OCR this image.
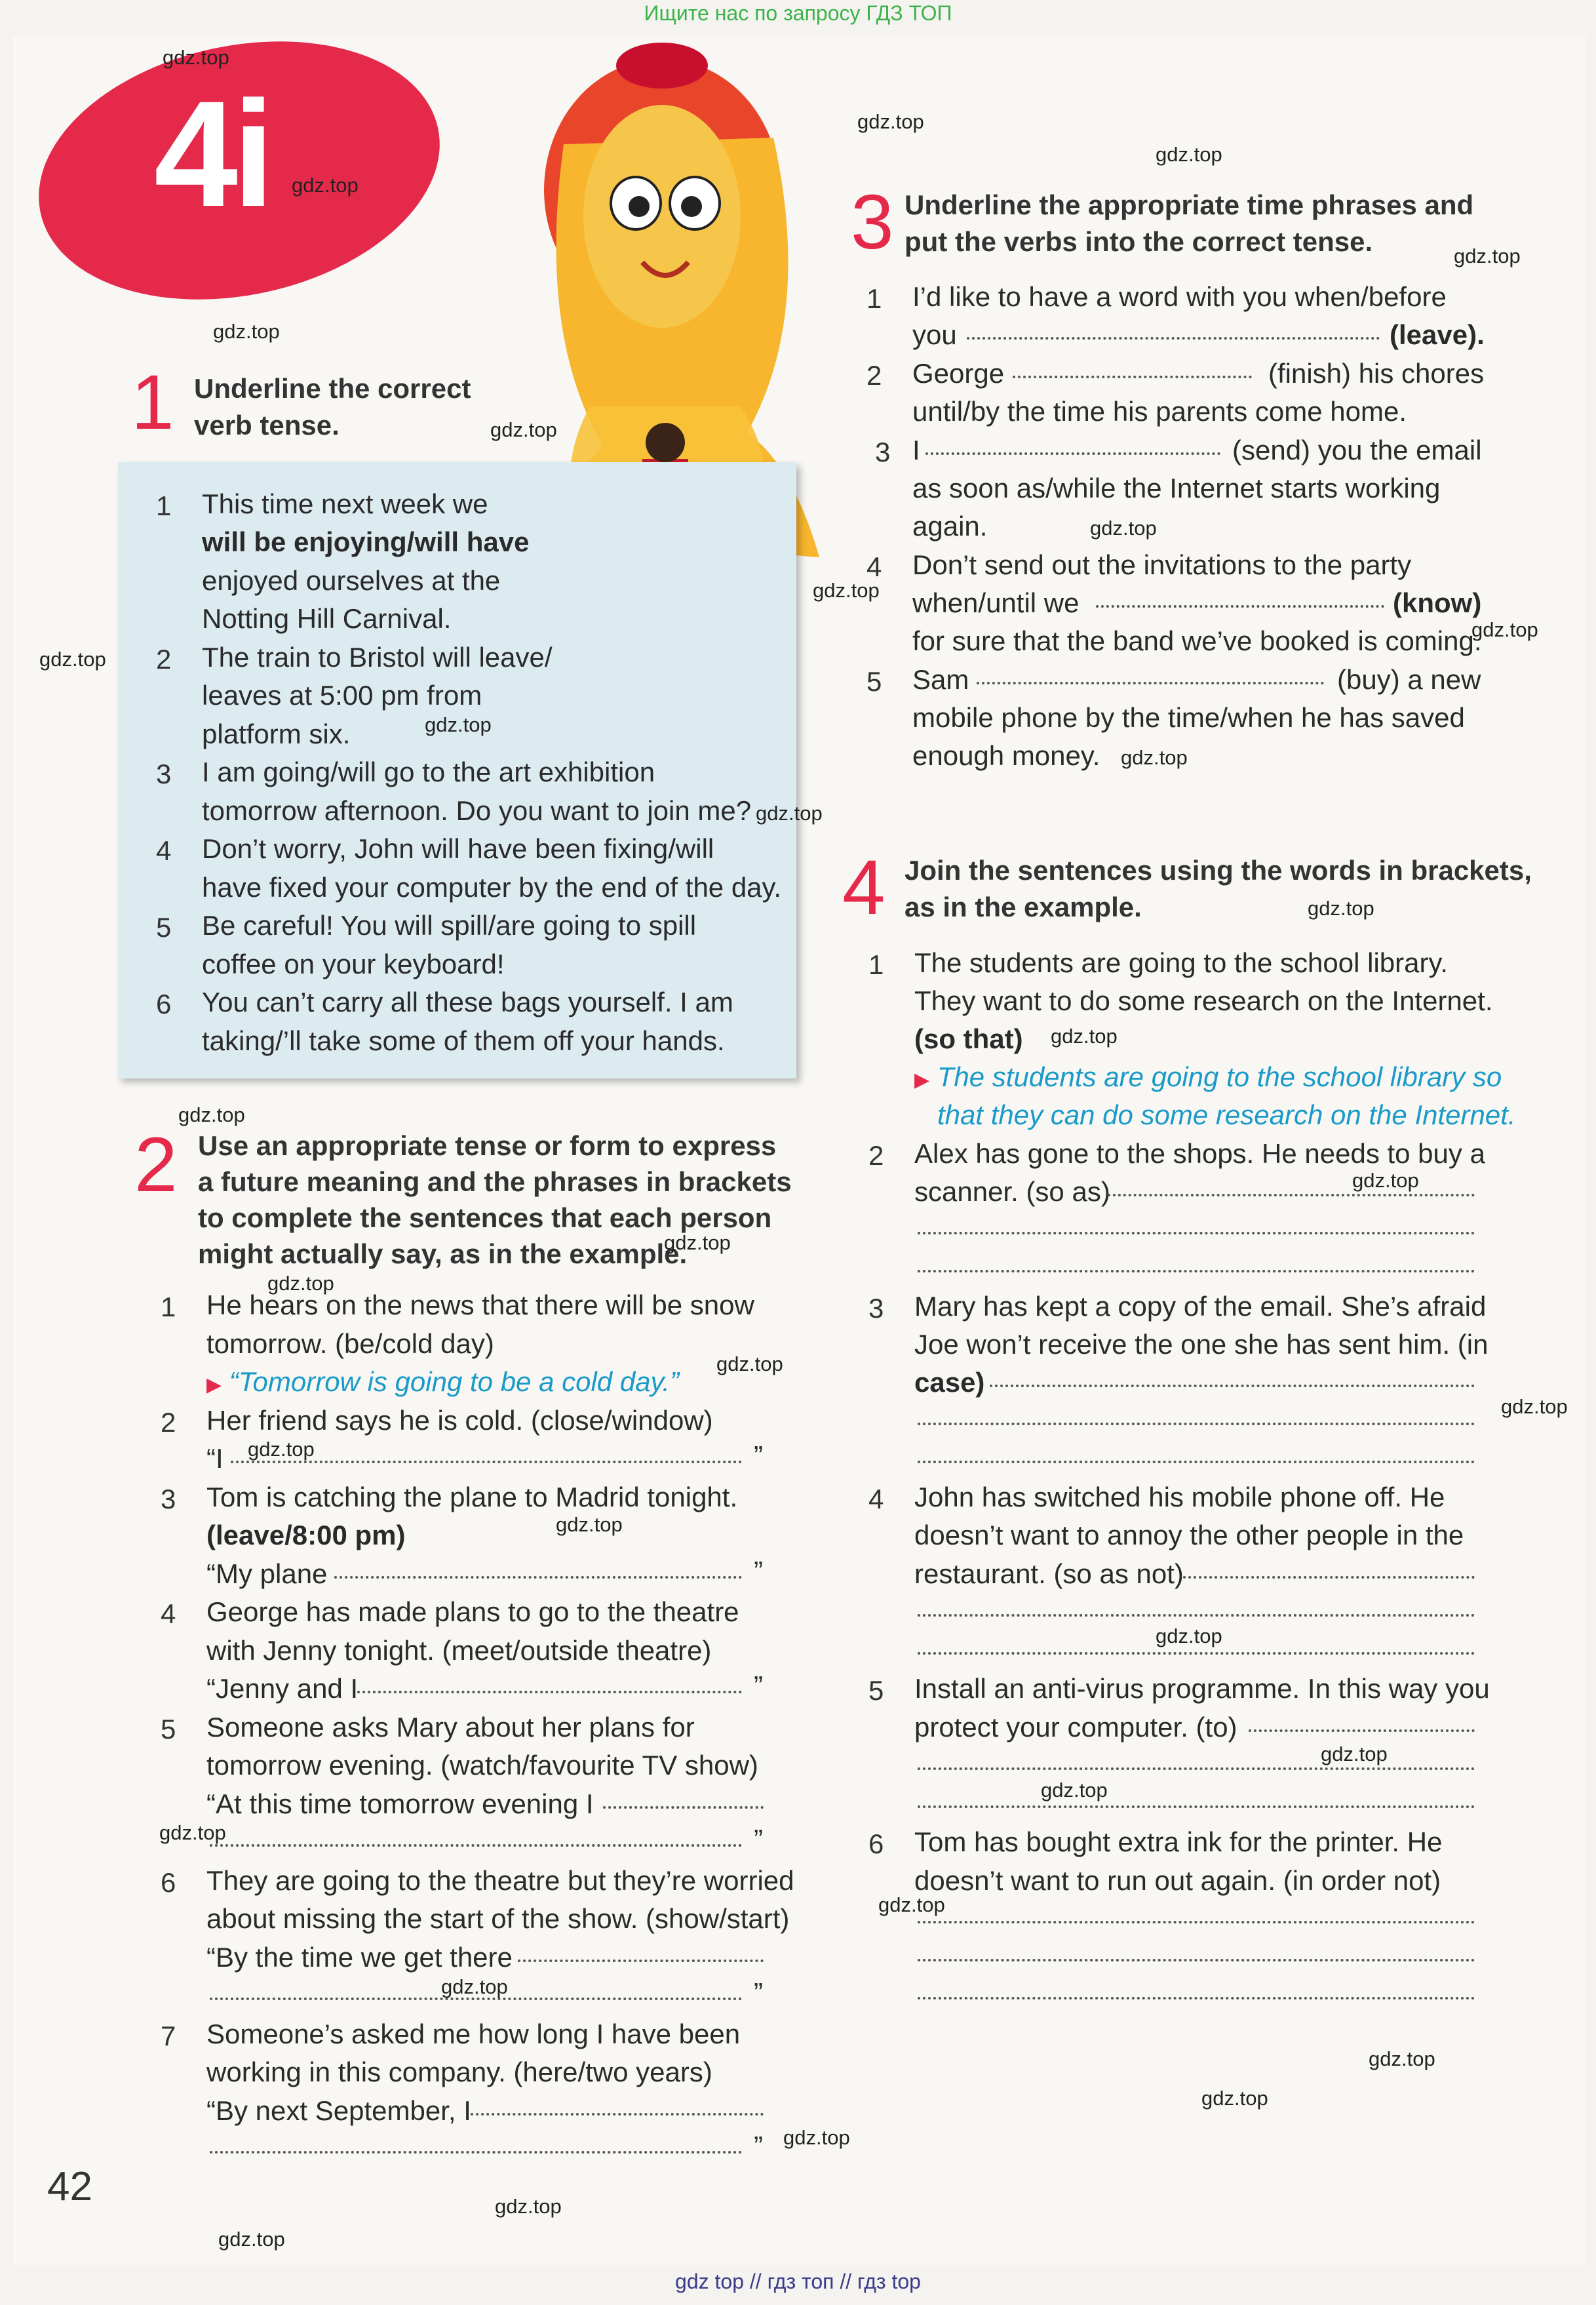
Ищите нас по запросу ГДЗ ТОП
4i
1 Underline the correct
verb tense.
1 This time next week we
will be enjoying/will have
enjoyed ourselves at the
Notting Hill Carnival.
2 The train to Bristol will leave/
leaves at 5:00 pm from
platform six.
3 I am going/will go to the art exhibition
tomorrow afternoon. Do you want to join me?
4 Don’t worry, John will have been fixing/will
have fixed your computer by the end of the day.
5 Be careful! You will spill/are going to spill
coffee on your keyboard!
6 You can’t carry all these bags yourself. I am
taking/’ll take some of them off your hands.
2 Use an appropriate tense or form to express
a future meaning and the phrases in brackets
to complete the sentences that each person
might actually say, as in the example.
1 He hears on the news that there will be snow
tomorrow. (be/cold day)
▶ “Tomorrow is going to be a cold day.”
2 Her friend says he is cold. (close/window)
“I	”
3 Tom is catching the plane to Madrid tonight.
(leave/8:00 pm)
“My plane	”
4 George has made plans to go to the theatre
with Jenny tonight. (meet/outside theatre)
“Jenny and I	”
5 Someone asks Mary about her plans for
tomorrow evening. (watch/favourite TV show)
“At this time tomorrow evening I
”
6 They are going to the theatre but they’re worried
about missing the start of the show. (show/start)
“By the time we get there
”
7 Someone’s asked me how long I have been
working in this company. (here/two years)
“By next September, I
”
3 Underline the appropriate time phrases and
put the verbs into the correct tense.
1 I’d like to have a word with you when/before
you	(leave).
2 George	(finish) his chores
until/by the time his parents come home.
3 I	(send) you the email
as soon as/while the Internet starts working
again.
4 Don’t send out the invitations to the party
when/until we	(know)
for sure that the band we’ve booked is coming.
5 Sam	(buy) a new
mobile phone by the time/when he has saved
enough money.
4 Join the sentences using the words in brackets,
as in the example.
1 The students are going to the school library.
They want to do some research on the Internet.
(so that)
▶ The students are going to the school library so
that they can do some research on the Internet.
2 Alex has gone to the shops. He needs to buy a
scanner. (so as)
3 Mary has kept a copy of the email. She’s afraid
Joe won’t receive the one she has sent him. (in
case)
4 John has switched his mobile phone off. He
doesn’t want to annoy the other people in the
restaurant. (so as not)
5 Install an anti-virus programme. In this way you
protect your computer. (to)
6 Tom has bought extra ink for the printer. He
doesn’t want to run out again. (in order not)
42
gdz.top
gdz.top
gdz.top
gdz.top
gdz.top
gdz.top
gdz.top
gdz.top
gdz.top
gdz.top
gdz.top
gdz.top
gdz.top
gdz.top
gdz.top
gdz.top
gdz.top
gdz.top
gdz.top
gdz.top
gdz.top
gdz.top
gdz.top
gdz.top
gdz.top
gdz.top
gdz.top
gdz.top
gdz.top
gdz.top
gdz.top
gdz.top
gdz.top
gdz.top
gdz.top
gdz top // гдз топ // гдз top
